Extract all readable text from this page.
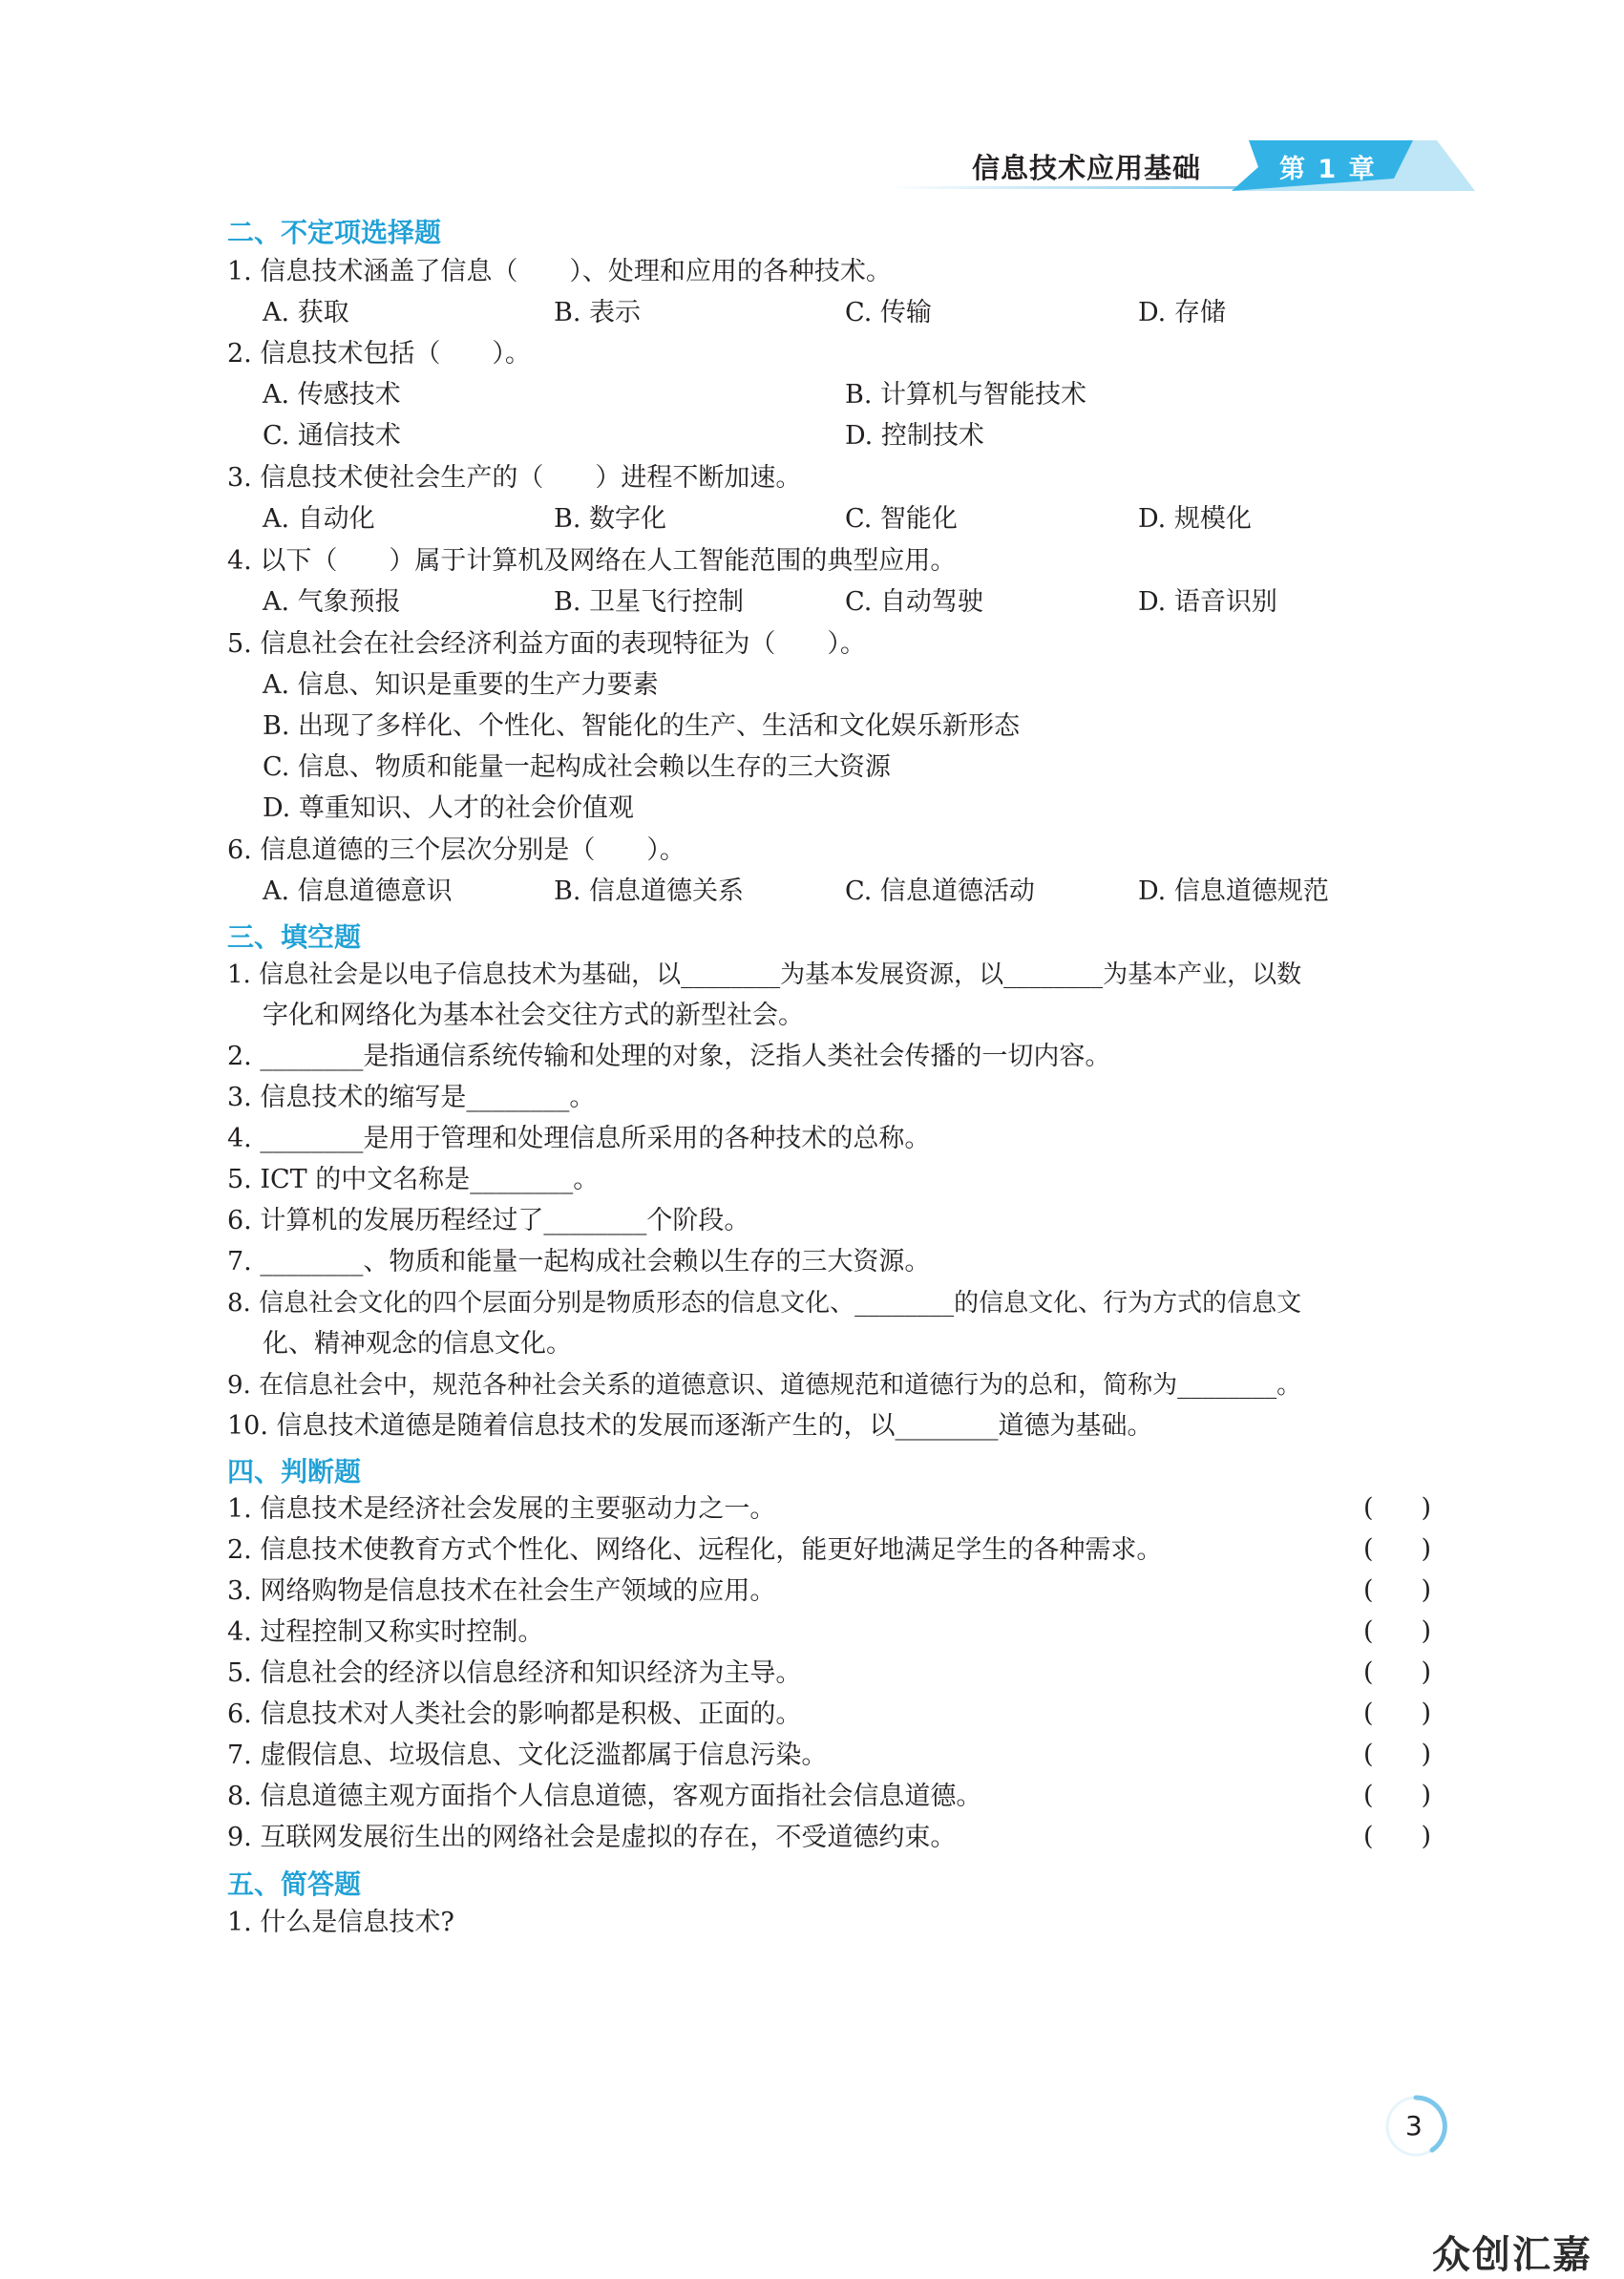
信息技术应用基础	第 1 章
二、不定项选择题
1. 信息技术涵盖了信息（　　）、处理和应用的各种技术。
A. 获取	B. 表示	C. 传输	D. 存储
2. 信息技术包括（　　）。
A. 传感技术	B. 计算机与智能技术
C. 通信技术	D. 控制技术
3. 信息技术使社会生产的（　　）进程不断加速。
A. 自动化	B. 数字化	C. 智能化	D. 规模化
4. 以下（　　）属于计算机及网络在人工智能范围的典型应用。
A. 气象预报	B. 卫星飞行控制	C. 自动驾驶	D. 语音识别
5. 信息社会在社会经济利益方面的表现特征为（　　）。
A. 信息、知识是重要的生产力要素
B. 出现了多样化、个性化、智能化的生产、生活和文化娱乐新形态
C. 信息、物质和能量一起构成社会赖以生存的三大资源
D. 尊重知识、人才的社会价值观
6. 信息道德的三个层次分别是（　　）。
A. 信息道德意识	B. 信息道德关系	C. 信息道德活动	D. 信息道德规范
三、填空题
1. 信息社会是以电子信息技术为基础，以________为基本发展资源，以________为基本产业，以数
字化和网络化为基本社会交往方式的新型社会。
2. ________是指通信系统传输和处理的对象，泛指人类社会传播的一切内容。
3. 信息技术的缩写是________。
4. ________是用于管理和处理信息所采用的各种技术的总称。
5. ICT 的中文名称是________。
6. 计算机的发展历程经过了________个阶段。
7. ________、物质和能量一起构成社会赖以生存的三大资源。
8. 信息社会文化的四个层面分别是物质形态的信息文化、________的信息文化、行为方式的信息文
化、精神观念的信息文化。
9. 在信息社会中，规范各种社会关系的道德意识、道德规范和道德行为的总和，简称为________。
10. 信息技术道德是随着信息技术的发展而逐渐产生的，以________道德为基础。
四、判断题
1. 信息技术是经济社会发展的主要驱动力之一。	( )
2. 信息技术使教育方式个性化、网络化、远程化，能更好地满足学生的各种需求。	( )
3. 网络购物是信息技术在社会生产领域的应用。	( )
4. 过程控制又称实时控制。	( )
5. 信息社会的经济以信息经济和知识经济为主导。	( )
6. 信息技术对人类社会的影响都是积极、正面的。	( )
7. 虚假信息、垃圾信息、文化泛滥都属于信息污染。	( )
8. 信息道德主观方面指个人信息道德，客观方面指社会信息道德。	( )
9. 互联网发展衍生出的网络社会是虚拟的存在，不受道德约束。	( )
五、简答题
1. 什么是信息技术?
3
众创汇嘉
